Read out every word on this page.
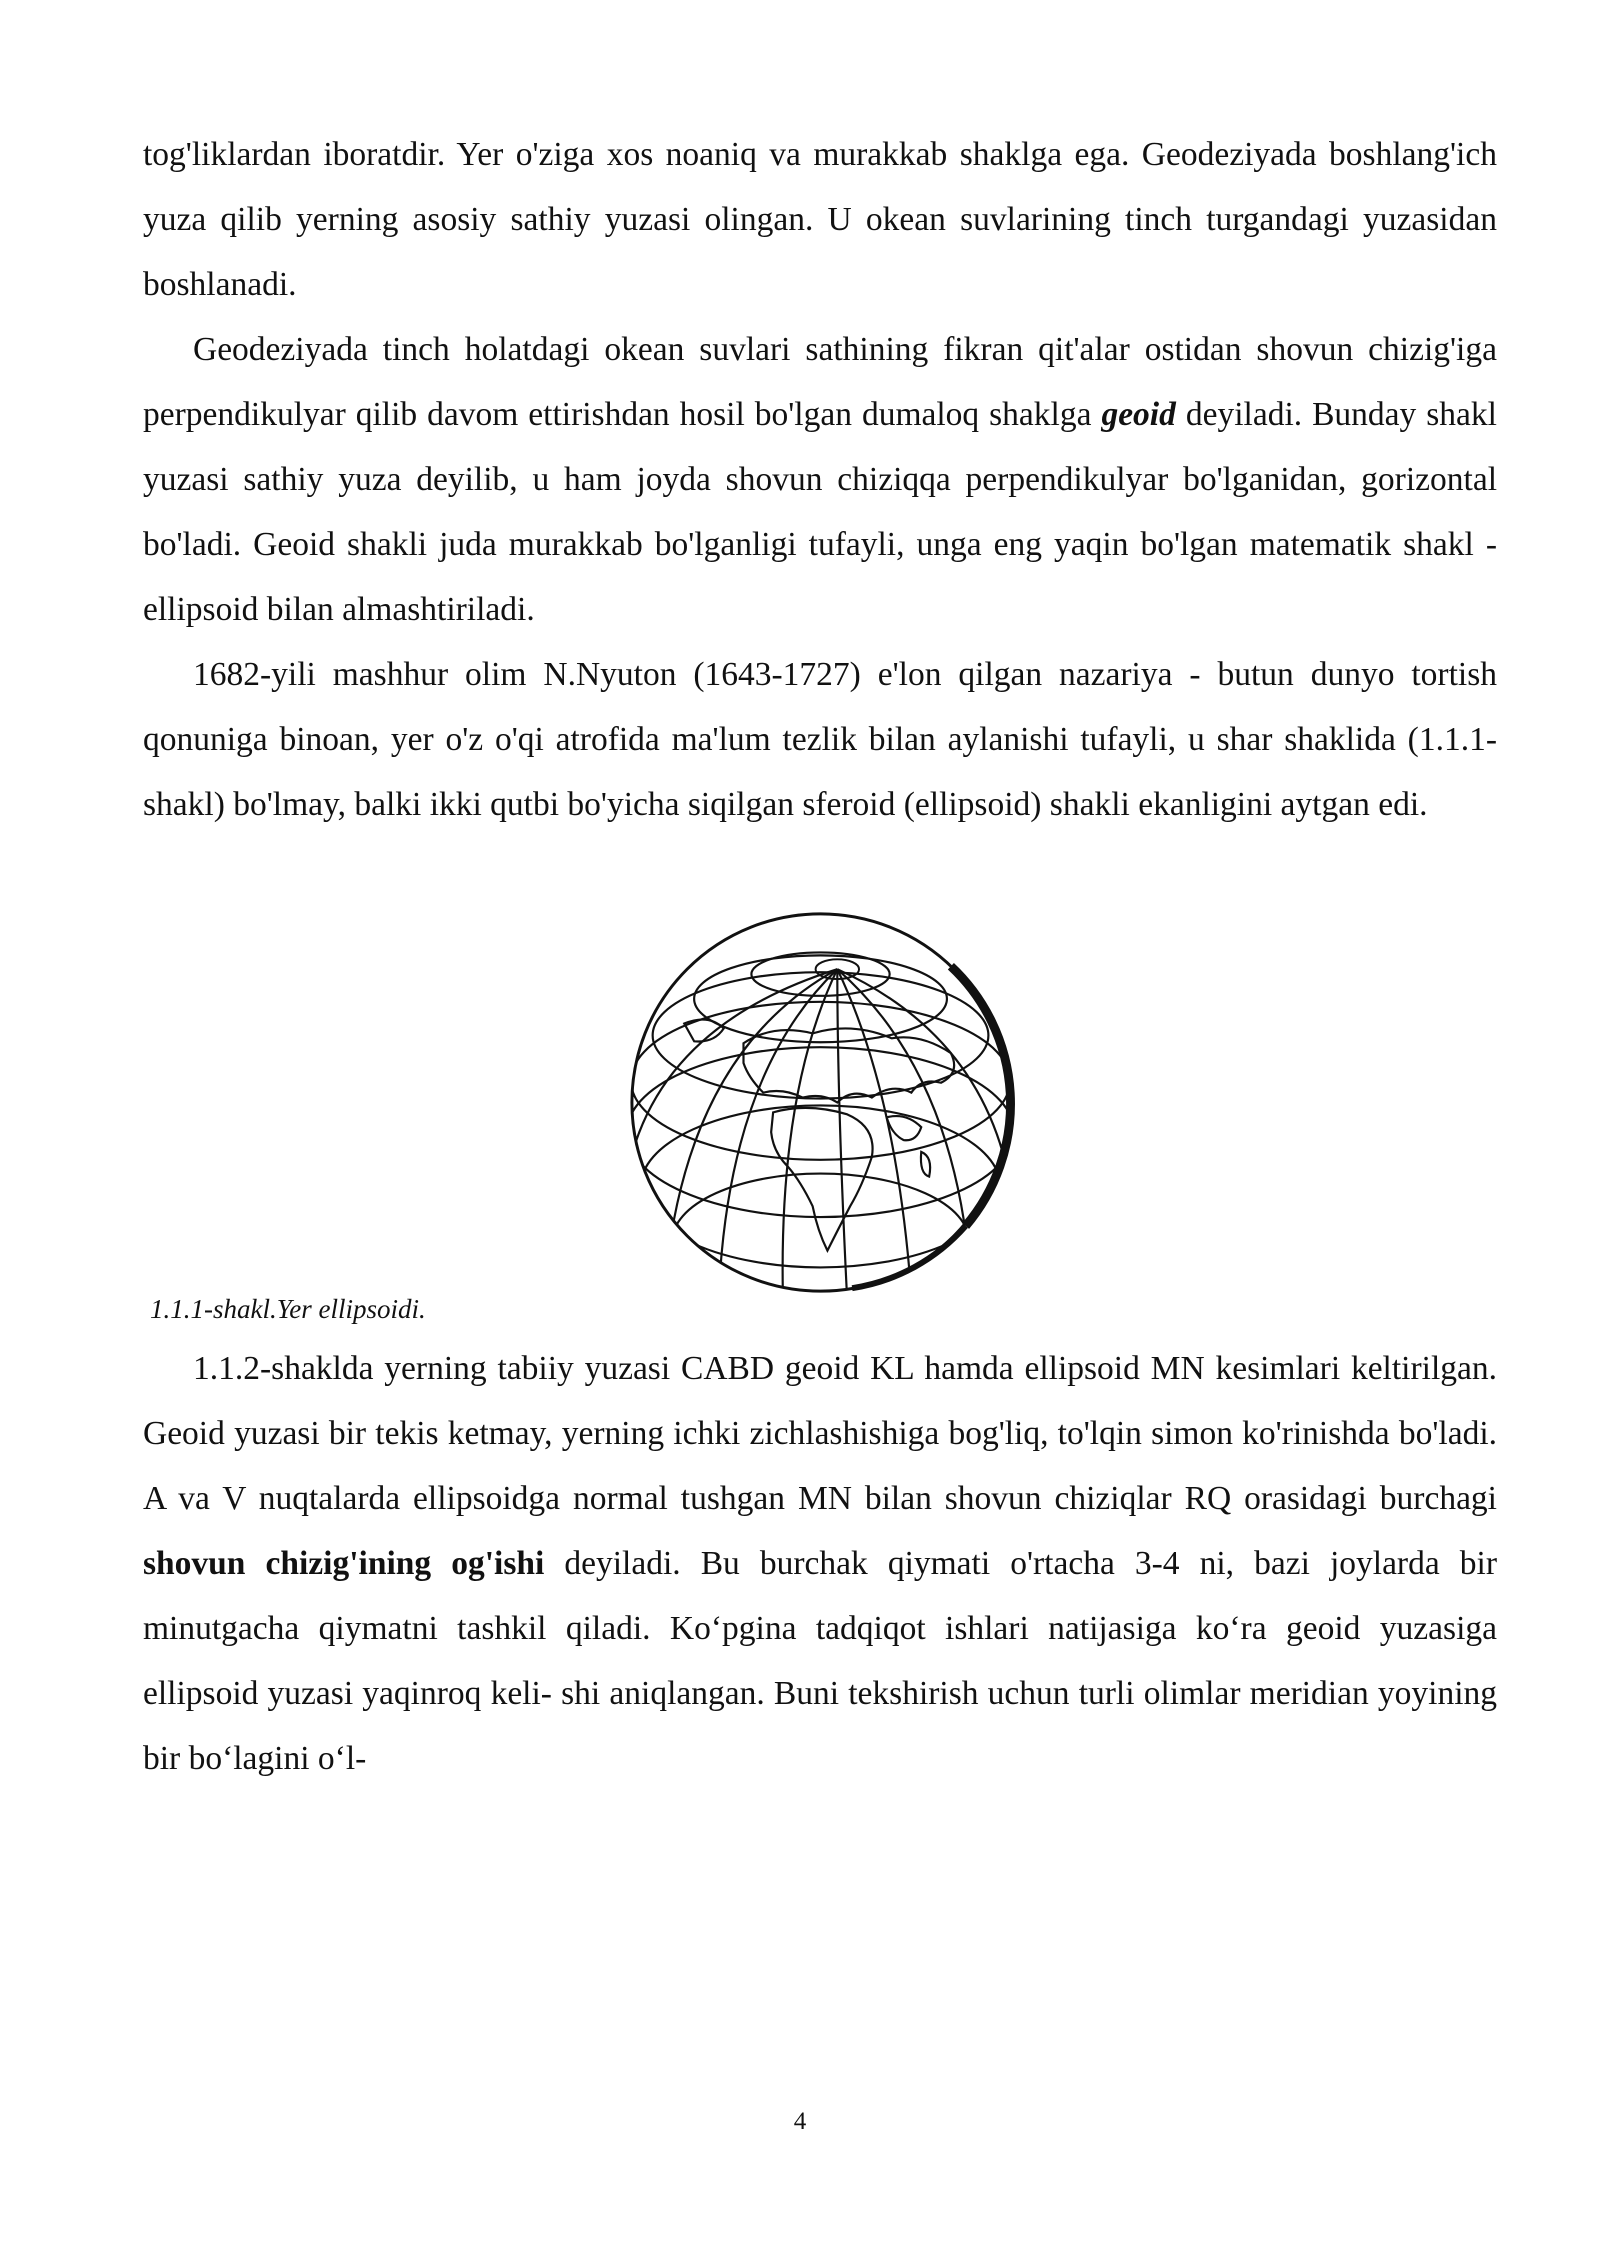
tog'liklardan iboratdir. Yer o'ziga xos noaniq va murakkab shaklga ega. Geodeziyada boshlang'ich yuza qilib yerning asosiy sathiy yuzasi olingan. U okean suvlarining tinch turgandagi yuzasidan boshlanadi.

Geodeziyada tinch holatdagi okean suvlari sathining fikran qit'alar ostidan shovun chizig'iga perpendikulyar qilib davom ettirishdan hosil bo'lgan dumaloq shaklga geoid deyiladi. Bunday shakl yuzasi sathiy yuza deyilib, u ham joyda shovun chiziqqa perpendikulyar bo'lganidan, gorizontal bo'ladi. Geoid shakli juda murakkab bo'lganligi tufayli, unga eng yaqin bo'lgan matematik shakl - ellipsoid bilan almashtiriladi.

1682-yili mashhur olim N.Nyuton (1643-1727) e'lon qilgan nazariya - butun dunyo tortish qonuniga binoan, yer o'z o'qi atrofida ma'lum tezlik bilan aylanishi tufayli, u shar shaklida (1.1.1-shakl) bo'lmay, balki ikki qutbi bo'yicha siqilgan sferoid (ellipsoid) shakli ekanligini aytgan edi.

1.1.1-shakl.Yer ellipsoidi.

1.1.2-shaklda yerning tabiiy yuzasi CABD geoid KL hamda ellipsoid MN kesimlari keltirilgan. Geoid yuzasi bir tekis ketmay, yerning ichki zichlashishiga bog'liq, to'lqin simon ko'rinishda bo'ladi. A va V nuqtalarda ellipsoidga normal tushgan MN bilan shovun chiziqlar RQ orasidagi burchagi shovun chizig'ining og'ishi deyiladi. Bu burchak qiymati o'rtacha 3-4 ni, bazi joylarda bir minutgacha qiymatni tashkil qiladi. Ko‘pgina tadqiqot ishlari natijasiga ko‘ra geoid yuzasiga ellipsoid yuzasi yaqinroq keli- shi aniqlangan. Buni tekshirish uchun turli olimlar meridian yoyining bir bo‘lagini o‘l-

4
